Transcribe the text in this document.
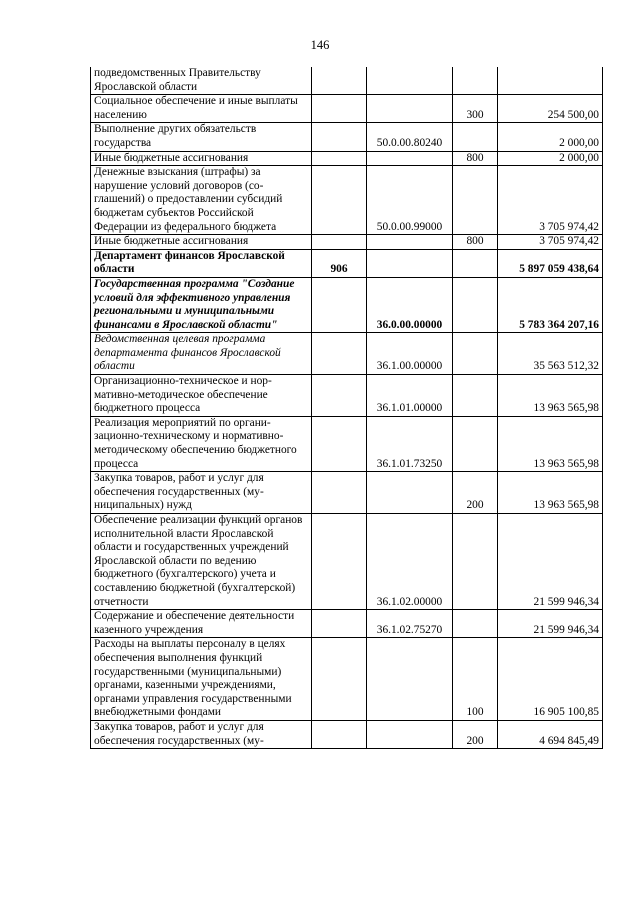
146
подведомственных Правительству Ярославской области				
Социальное обеспечение и иные выплаты населению			300	254 500,00
Выполнение других обязательств государства		50.0.00.80240		2 000,00
Иные бюджетные ассигнования			800	2 000,00
Денежные взыскания (штрафы) за нарушение условий договоров (соглашений) о предоставлении субсидий бюджетам субъектов Российской Федерации из федерального бюджета		50.0.00.99000		3 705 974,42
Иные бюджетные ассигнования			800	3 705 974,42
Департамент финансов Ярославской области	906			5 897 059 438,64
Государственная программа "Создание условий для эффективного управления региональными и муниципальными финансами в Ярославской области"		36.0.00.00000		5 783 364 207,16
Ведомственная целевая программа департамента финансов Ярославской области		36.1.00.00000		35 563 512,32
Организационно-техническое и нормативно-методическое обеспечение бюджетного процесса		36.1.01.00000		13 963 565,98
Реализация мероприятий по организационно-техническому и нормативно-методическому обеспечению бюджетного процесса		36.1.01.73250		13 963 565,98
Закупка товаров, работ и услуг для обеспечения государственных (муниципальных) нужд			200	13 963 565,98
Обеспечение реализации функций органов исполнительной власти Ярославской области и государственных учреждений Ярославской области по ведению бюджетного (бухгалтерского) учета и составлению бюджетной (бухгалтерской) отчетности		36.1.02.00000		21 599 946,34
Содержание и обеспечение деятельности казенного учреждения		36.1.02.75270		21 599 946,34
Расходы на выплаты персоналу в целях обеспечения выполнения функций государственными (муниципальными) органами, казенными учреждениями, органами управления государственными внебюджетными фондами			100	16 905 100,85
Закупка товаров, работ и услуг для обеспечения государственных (му-			200	4 694 845,49
